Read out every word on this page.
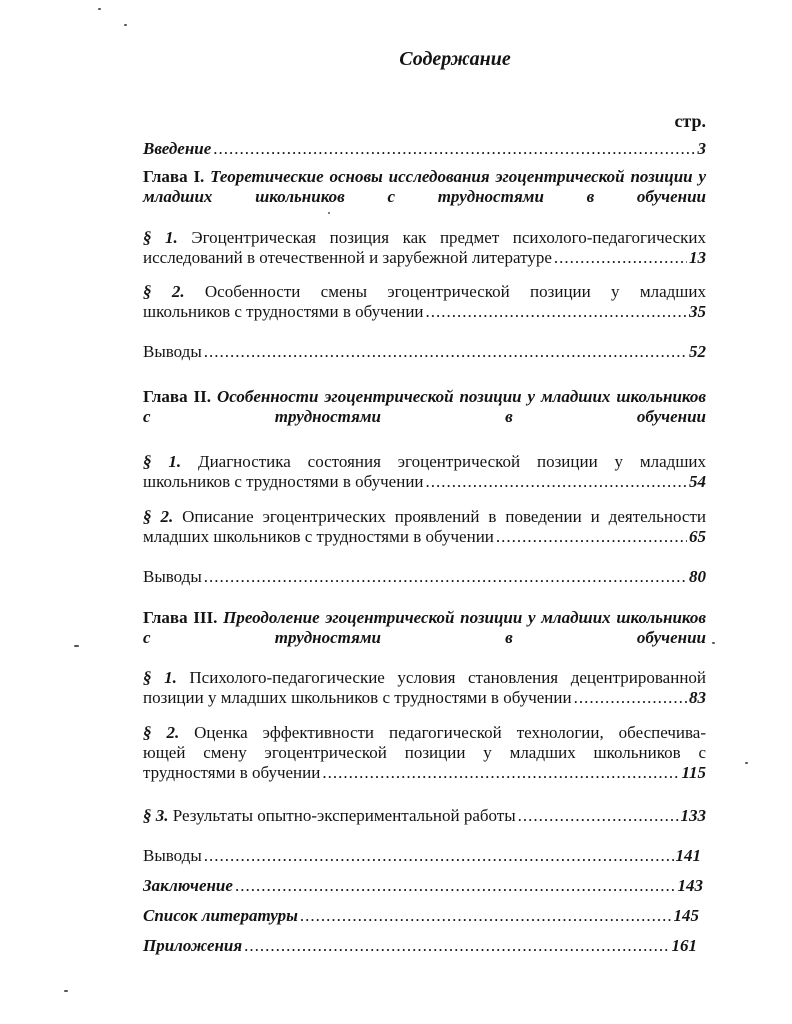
Содержание
стр.
Введение .....	3

Глава I. Теоретические основы исследования эгоцентрической позиции у младших школьников с трудностями в обучении

§ 1. Эгоцентрическая позиция как предмет психолого-педагогических

исследований в отечественной и зарубежной литературе .....	13

§ 2. Особенности смены эгоцентрической позиции у младших

школьников с трудностями в обучении .....	35

Выводы .....	52

Глава II. Особенности эгоцентрической позиции у младших школьников с трудностями в обучении

§ 1. Диагностика состояния эгоцентрической позиции у младших

школьников с трудностями в обучении .....	54

§ 2. Описание эгоцентрических проявлений в поведении и деятельности

младших школьников с трудностями в обучении .....	65

Выводы .....	80

Глава III. Преодоление эгоцентрической позиции у младших школьников с трудностями в обучении

§ 1. Психолого-педагогические условия становления децентрированной

позиции у младших школьников с трудностями в обучении .....	83

§ 2. Оценка эффективности педагогической технологии, обеспечива-

ющей смену эгоцентрической позиции у младших школьников с

трудностями в обучении .....	115

§ 3.
Результаты опытно-экспериментальной работы .....	133
Выводы .....	141
Заключение .....	143
Список литературы .....	145
Приложения .....	161
